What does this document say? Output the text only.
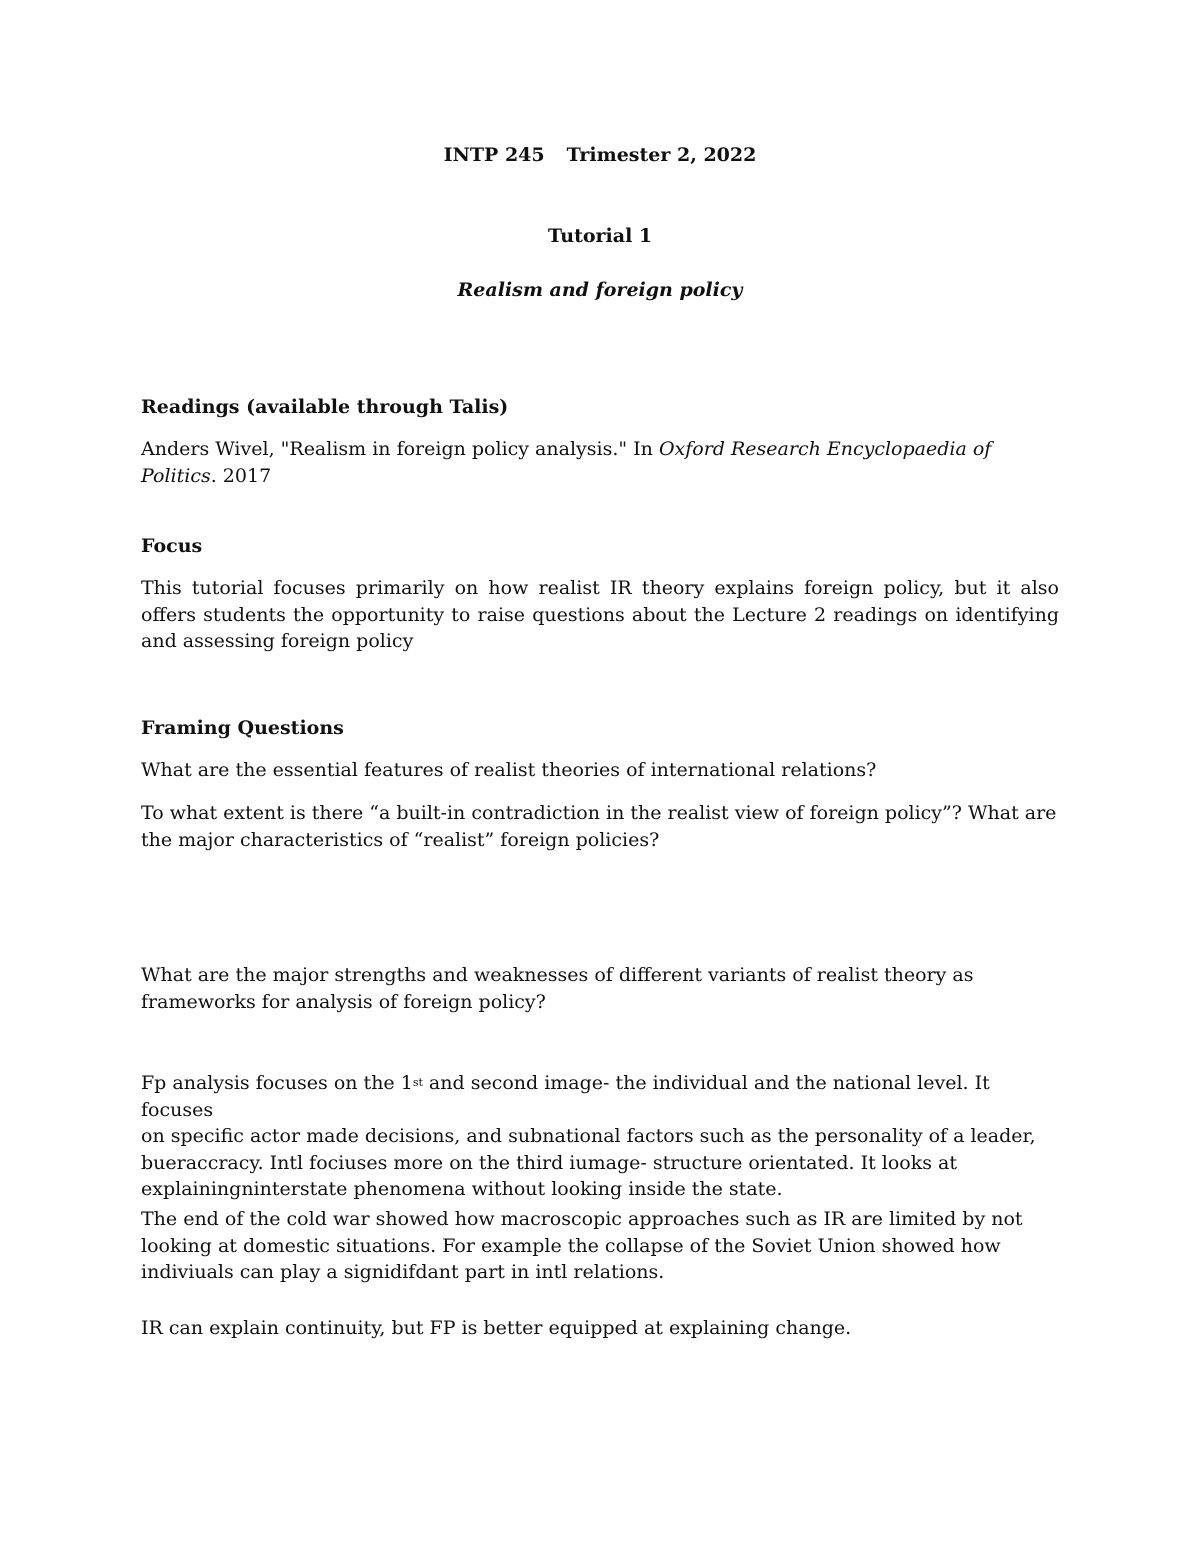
INTP 245 Trimester 2, 2022

Tutorial 1

Realism and foreign policy

Readings (available through Talis)

Anders Wivel, "Realism in foreign policy analysis." In Oxford Research Encyclopaedia of Politics. 2017

Focus

This tutorial focuses primarily on how realist IR theory explains foreign policy, but it also offers students the opportunity to raise questions about the Lecture 2 readings on identifying and assessing foreign policy

Framing Questions

What are the essential features of realist theories of international relations?

To what extent is there “a built-in contradiction in the realist view of foreign policy”? What are
the major characteristics of “realist” foreign policies?

What are the major strengths and weaknesses of different variants of realist theory as
frameworks for analysis of foreign policy?

Fp analysis focuses on the 1st and second image- the individual and the national level. It focuses
on specific actor made decisions, and subnational factors such as the personality of a leader,
bueraccracy. Intl fociuses more on the third iumage- structure orientated. It looks at
explainingninterstate phenomena without looking inside the state.

The end of the cold war showed how macroscopic approaches such as IR are limited by not
looking at domestic situations. For example the collapse of the Soviet Union showed how
indiviuals can play a signidifdant part in intl relations.

IR can explain continuity, but FP is better equipped at explaining change.
